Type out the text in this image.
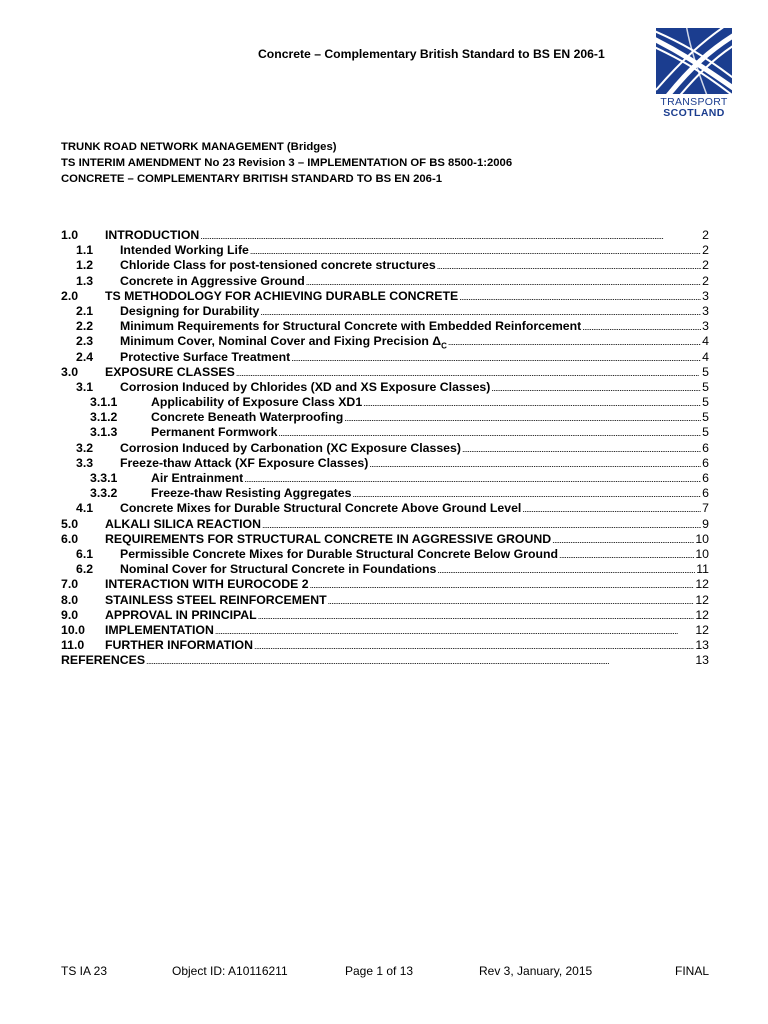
Concrete – Complementary British Standard to BS EN 206-1
TRANSPORT
SCOTLAND
TRUNK ROAD NETWORK MANAGEMENT (Bridges)
TS INTERIM AMENDMENT No 23 Revision 3 – IMPLEMENTATION OF BS 8500-1:2006
CONCRETE – COMPLEMENTARY BRITISH STANDARD TO BS EN 206-1
1.0	INTRODUCTION . . .	2
1.1	Intended Working Life . . .	2
1.2	Chloride Class for post-tensioned concrete structures . . .	2
1.3	Concrete in Aggressive Ground . . .	2
2.0	TS METHODOLOGY FOR ACHIEVING DURABLE CONCRETE . . .	3
2.1	Designing for Durability . . .	3
2.2	Minimum Requirements for Structural Concrete with Embedded Reinforcement . . .	3
2.3	Minimum Cover, Nominal Cover and Fixing Precision $\Delta_C$ . . .	4
2.4	Protective Surface Treatment . . .	4
3.0	EXPOSURE CLASSES . . .	5
3.1	Corrosion Induced by Chlorides (XD and XS Exposure Classes) . . .	5
3.1.1	Applicability of Exposure Class XD1 . . .	5
3.1.2	Concrete Beneath Waterproofing . . .	5
3.1.3	Permanent Formwork . . .	5
3.2	Corrosion Induced by Carbonation (XC Exposure Classes) . . .	6
3.3	Freeze-thaw Attack (XF Exposure Classes) . . .	6
3.3.1	Air Entrainment . . .	6
3.3.2	Freeze-thaw Resisting Aggregates . . .	6
4.1	Concrete Mixes for Durable Structural Concrete Above Ground Level . . .	7
5.0	ALKALI SILICA REACTION . . .	9
6.0	REQUIREMENTS FOR STRUCTURAL CONCRETE IN AGGRESSIVE GROUND . . .	10
6.1	Permissible Concrete Mixes for Durable Structural Concrete Below Ground . . .	10
6.2	Nominal Cover for Structural Concrete in Foundations . . .	11
7.0	INTERACTION WITH EUROCODE 2 . . .	12
8.0	STAINLESS STEEL REINFORCEMENT . . .	12
9.0	APPROVAL IN PRINCIPAL . . .	12
10.0	IMPLEMENTATION . . .	12
11.0	FURTHER INFORMATION . . .	13
REFERENCES . . .	13
TS IA 23	Object ID: A10116211	Page 1 of 13	Rev 3, January, 2015	FINAL
